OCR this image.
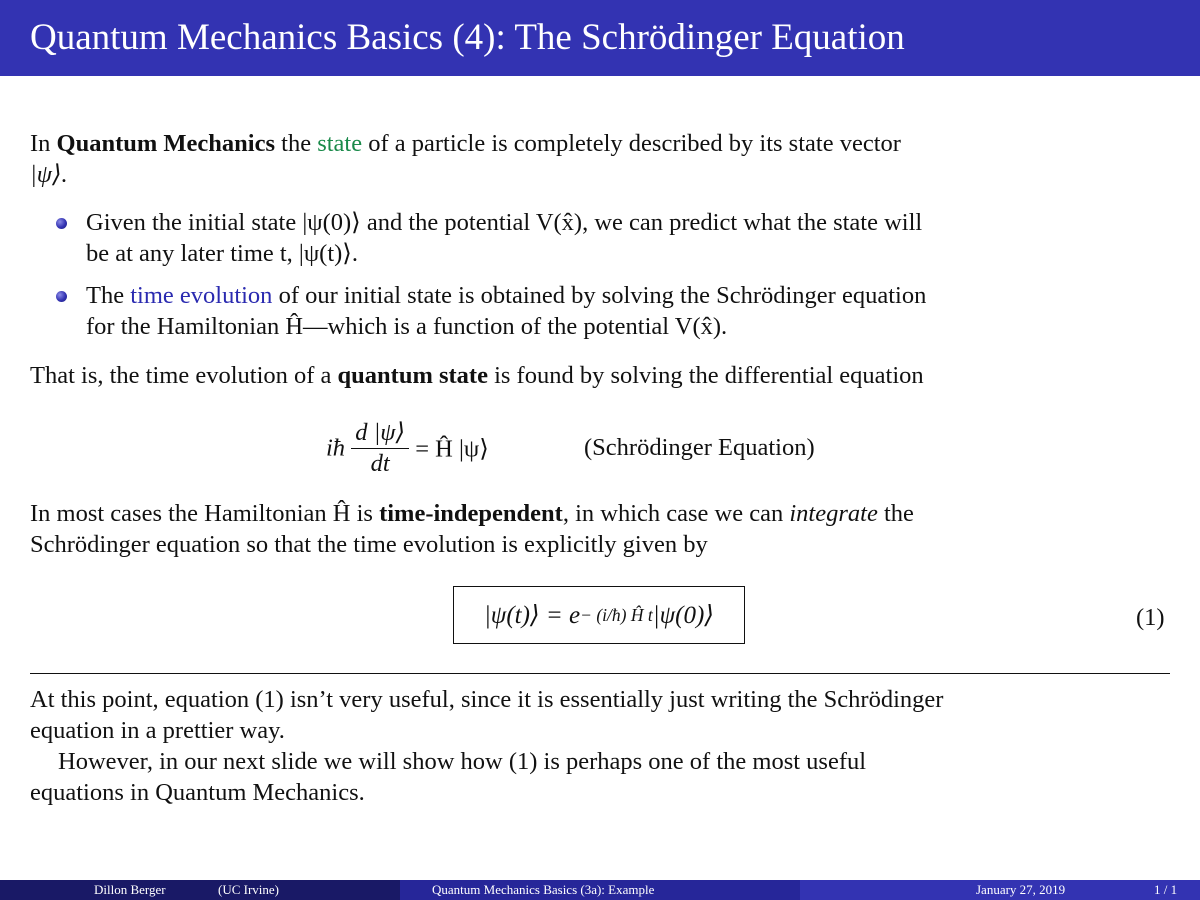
Quantum Mechanics Basics (4): The Schrödinger Equation
In Quantum Mechanics the state of a particle is completely described by its state vector
|ψ⟩.
Given the initial state |ψ(0)⟩ and the potential V(x̂), we can predict what the state will
be at any later time t, |ψ(t)⟩.
The time evolution of our initial state is obtained by solving the Schrödinger equation
for the Hamiltonian Ĥ—which is a function of the potential V(x̂).
That is, the time evolution of a quantum state is found by solving the differential equation
iħ $\frac{d |\psi⟩}{dt}$ = Ĥ |ψ⟩	(Schrödinger Equation)
In most cases the Hamiltonian Ĥ is time-independent, in which case we can integrate the
Schrödinger equation so that the time evolution is explicitly given by
|ψ(t)⟩ = e − (i/ħ) Ĥ t |ψ(0)⟩	(1)
At this point, equation (1) isn’t very useful, since it is essentially just writing the Schrödinger
equation in a prettier way.
However, in our next slide we will show how (1) is perhaps one of the most useful
equations in Quantum Mechanics.
Dillon Berger	(UC Irvine)	Quantum Mechanics Basics (3a): Example	January 27, 2019	1 / 1
